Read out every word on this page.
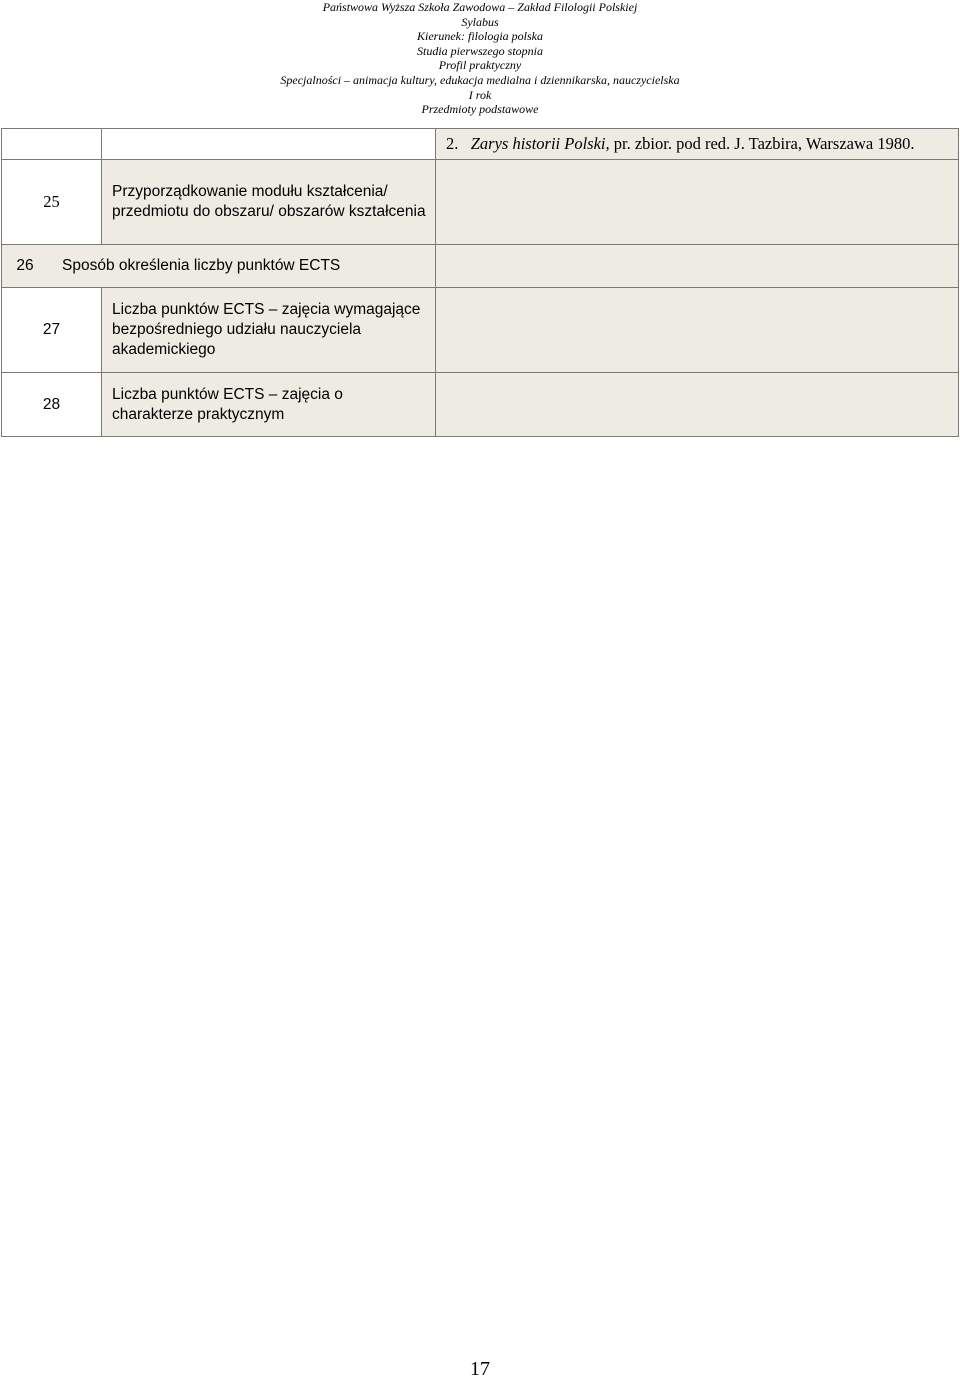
Państwowa Wyższa Szkoła Zawodowa – Zakład Filologii Polskiej
Sylabus
Kierunek: filologia polska
Studia pierwszego stopnia
Profil praktyczny
Specjalności – animacja kultury, edukacja medialna i dziennikarska, nauczycielska
I rok
Przedmioty podstawowe
		2. Zarys historii Polski, pr. zbior. pod red. J. Tazbira, Warszawa 1980.
25	Przyporządkowanie modułu kształcenia/ przedmiotu do obszaru/ obszarów kształcenia	

26 Sposób określenia liczby punktów ECTS		

27	Liczba punktów ECTS – zajęcia wymagające bezpośredniego udziału nauczyciela akademickiego	
28	Liczba punktów ECTS – zajęcia o charakterze praktycznym	
17
